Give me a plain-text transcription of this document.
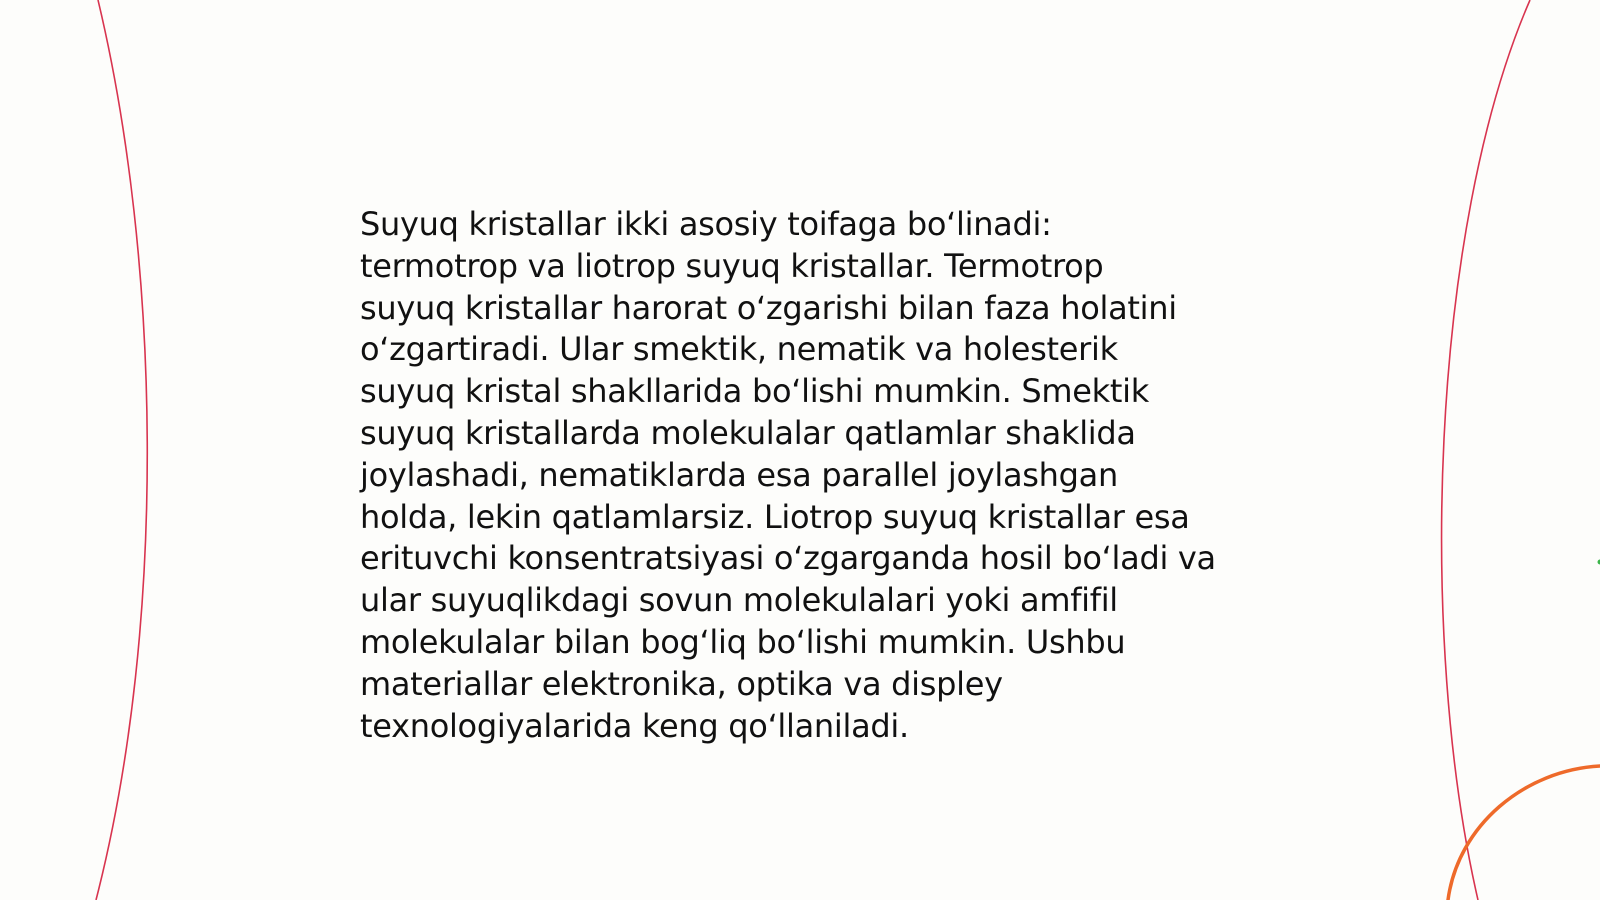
Suyuq kristallar ikki asosiy toifaga boʻlinadi:
termotrop va liotrop suyuq kristallar. Termotrop
suyuq kristallar harorat oʻzgarishi bilan faza holatini
oʻzgartiradi. Ular smektik, nematik va holesterik
suyuq kristal shakllarida boʻlishi mumkin. Smektik
suyuq kristallarda molekulalar qatlamlar shaklida
joylashadi, nematiklarda esa parallel joylashgan
holda, lekin qatlamlarsiz. Liotrop suyuq kristallar esa
erituvchi konsentratsiyasi oʻzgarganda hosil boʻladi va
ular suyuqlikdagi sovun molekulalari yoki amfifil
molekulalar bilan bogʻliq boʻlishi mumkin. Ushbu
materiallar elektronika, optika va displey
texnologiyalarida keng qoʻllaniladi.
